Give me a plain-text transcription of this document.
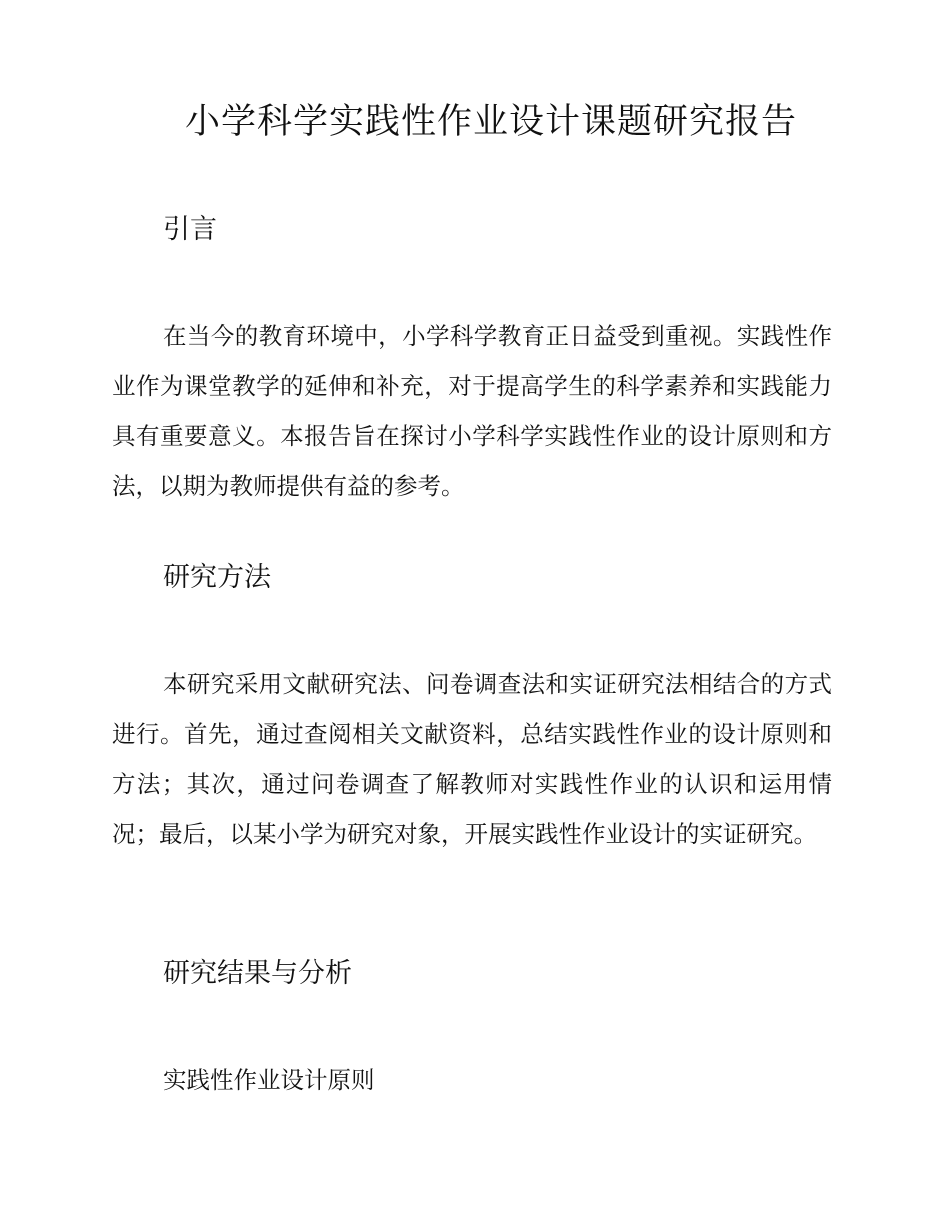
小学科学实践性作业设计课题研究报告
引言

在当今的教育环境中，小学科学教育正日益受到重视。实践性作业作为课堂教学的延伸和补充，对于提高学生的科学素养和实践能力具有重要意义。本报告旨在探讨小学科学实践性作业的设计原则和方法，以期为教师提供有益的参考。

研究方法

本研究采用文献研究法、问卷调查法和实证研究法相结合的方式进行。首先，通过查阅相关文献资料，总结实践性作业的设计原则和方法；其次，通过问卷调查了解教师对实践性作业的认识和运用情况；最后，以某小学为研究对象，开展实践性作业设计的实证研究。

研究结果与分析

实践性作业设计原则
